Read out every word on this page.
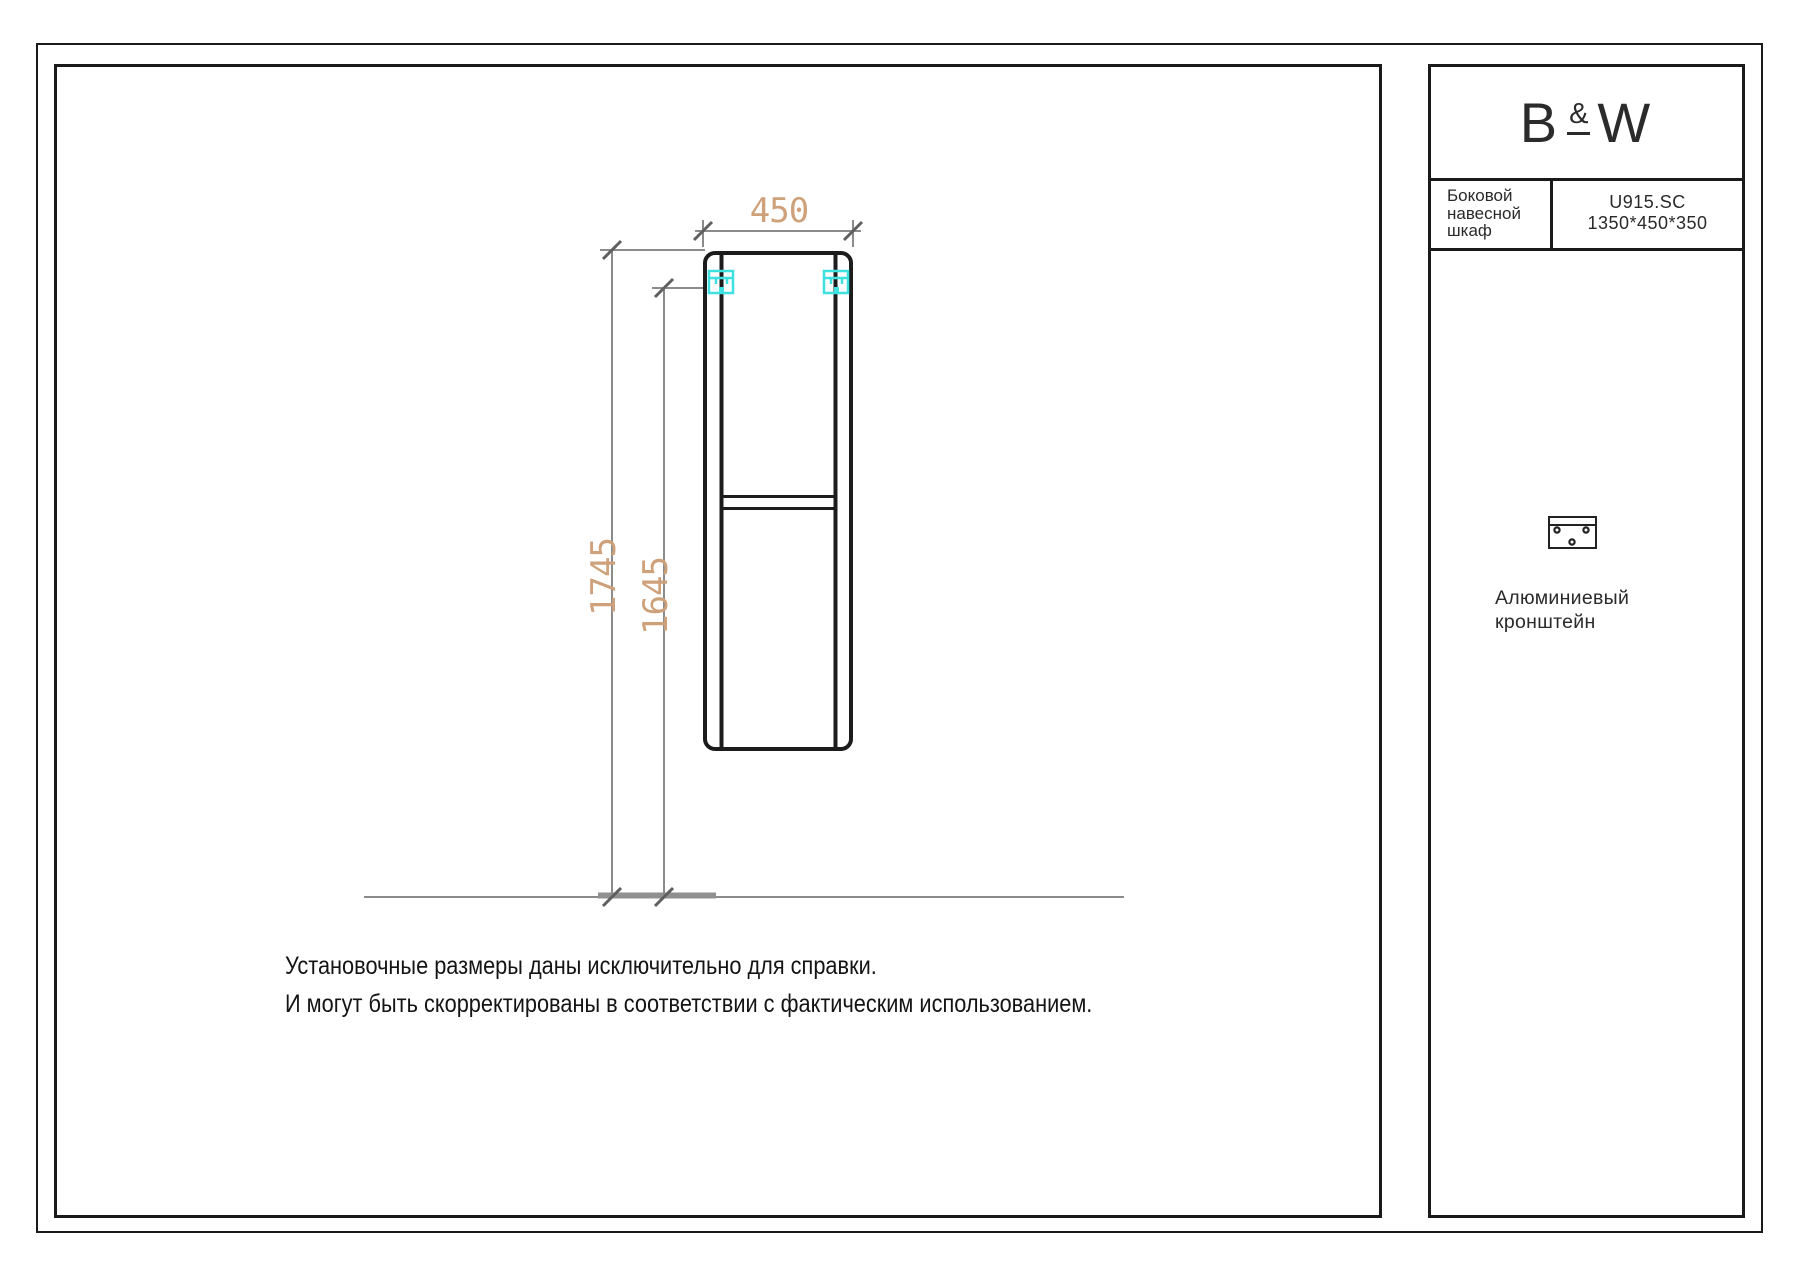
1745 1645
450
Установочные размеры даны исключительно для справки.
И могут быть скорректированы в соответствии с фактическим использованием.
B & W
Боковой
навесной
шкаф
U915.SC
1350*450*350
Алюминиевый
кронштейн
